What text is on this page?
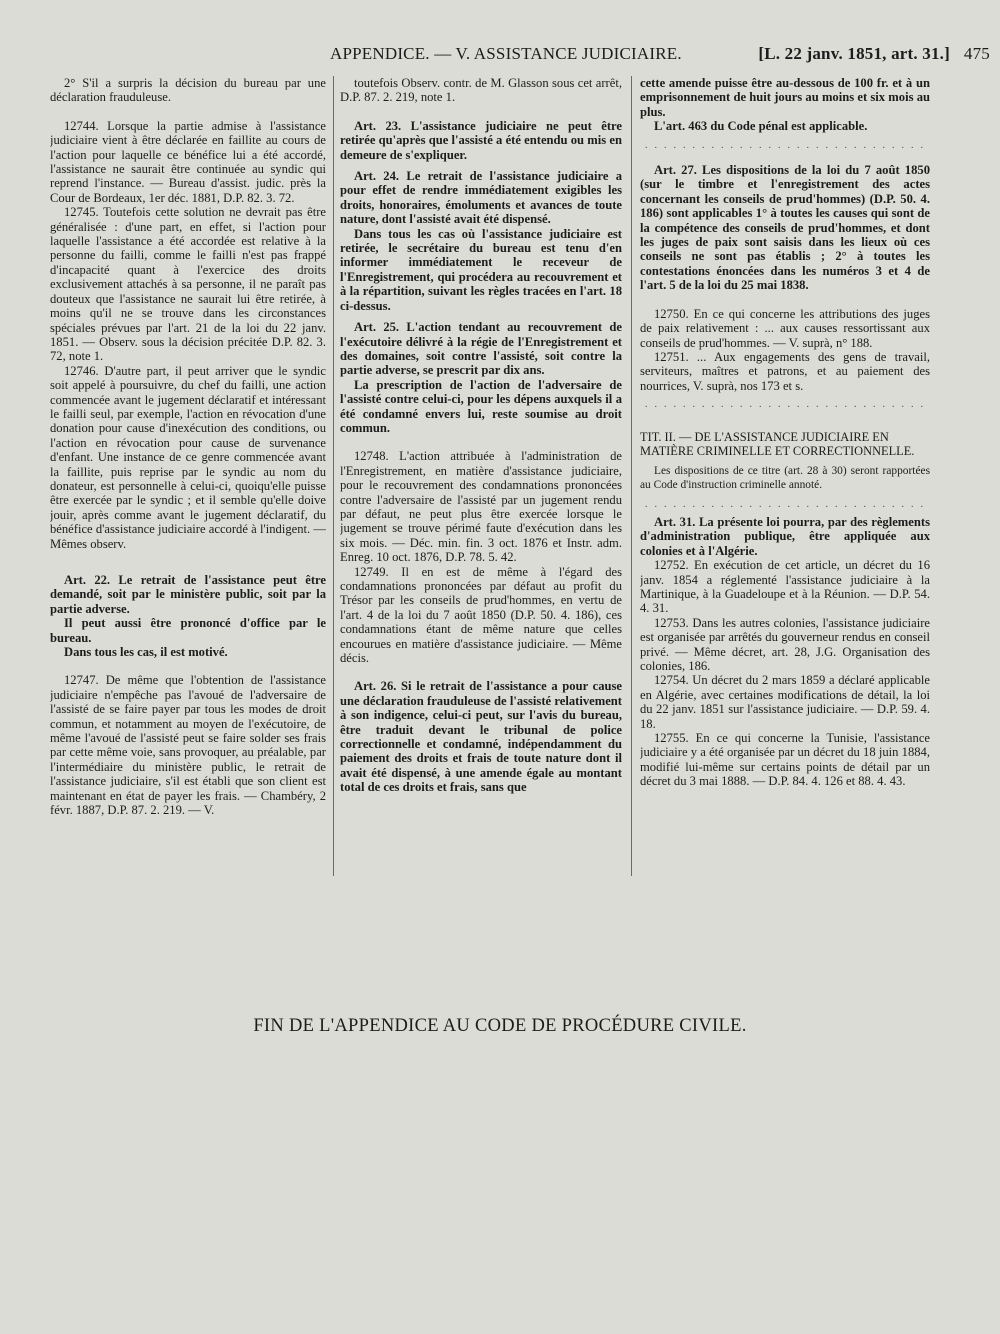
APPENDICE. — V. ASSISTANCE JUDICIAIRE.	[L. 22 janv. 1851, art. 31.] 475

2° S'il a surpris la décision du bureau par une déclaration frauduleuse.

12744. Lorsque la partie admise à l'assistance judiciaire vient à être déclarée en faillite au cours de l'action pour laquelle ce bénéfice lui a été accordé, l'assistance ne saurait être continuée au syndic qui reprend l'instance. — Bureau d'assist. judic. près la Cour de Bordeaux, 1er déc. 1881, D.P. 82. 3. 72.

12745. Toutefois cette solution ne devrait pas être généralisée : d'une part, en effet, si l'action pour laquelle l'assistance a été accordée est relative à la personne du failli, comme le failli n'est pas frappé d'incapacité quant à l'exercice des droits exclusivement attachés à sa personne, il ne paraît pas douteux que l'assistance ne saurait lui être retirée, à moins qu'il ne se trouve dans les circonstances spéciales prévues par l'art. 21 de la loi du 22 janv. 1851. — Observ. sous la décision précitée D.P. 82. 3. 72, note 1.

12746. D'autre part, il peut arriver que le syndic soit appelé à poursuivre, du chef du failli, une action commencée avant le jugement déclaratif et intéressant le failli seul, par exemple, l'action en révocation d'une donation pour cause d'inexécution des conditions, ou l'action en révocation pour cause de survenance d'enfant. Une instance de ce genre commencée avant la faillite, puis reprise par le syndic au nom du donateur, est personnelle à celui-ci, quoiqu'elle puisse être exercée par le syndic ; et il semble qu'elle doive jouir, après comme avant le jugement déclaratif, du bénéfice d'assistance judiciaire accordé à l'indigent. — Mêmes observ.

Art. 22. Le retrait de l'assistance peut être demandé, soit par le ministère public, soit par la partie adverse.

Il peut aussi être prononcé d'office par le bureau.

Dans tous les cas, il est motivé.

12747. De même que l'obtention de l'assistance judiciaire n'empêche pas l'avoué de l'adversaire de l'assisté de se faire payer par tous les modes de droit commun, et notamment au moyen de l'exécutoire, de même l'avoué de l'assisté peut se faire solder ses frais par cette même voie, sans provoquer, au préalable, par l'intermédiaire du ministère public, le retrait de l'assistance judiciaire, s'il est établi que son client est maintenant en état de payer les frais. — Chambéry, 2 févr. 1887, D.P. 87. 2. 219. — V.

toutefois Observ. contr. de M. Glasson sous cet arrêt, D.P. 87. 2. 219, note 1.

Art. 23. L'assistance judiciaire ne peut être retirée qu'après que l'assisté a été entendu ou mis en demeure de s'expliquer.

Art. 24. Le retrait de l'assistance judiciaire a pour effet de rendre immédiatement exigibles les droits, honoraires, émoluments et avances de toute nature, dont l'assisté avait été dispensé.

Dans tous les cas où l'assistance judiciaire est retirée, le secrétaire du bureau est tenu d'en informer immédiatement le receveur de l'Enregistrement, qui procédera au recouvrement et à la répartition, suivant les règles tracées en l'art. 18 ci-dessus.

Art. 25. L'action tendant au recouvrement de l'exécutoire délivré à la régie de l'Enregistrement et des domaines, soit contre l'assisté, soit contre la partie adverse, se prescrit par dix ans.

La prescription de l'action de l'adversaire de l'assisté contre celui-ci, pour les dépens auxquels il a été condamné envers lui, reste soumise au droit commun.

12748. L'action attribuée à l'administration de l'Enregistrement, en matière d'assistance judiciaire, pour le recouvrement des condamnations prononcées contre l'adversaire de l'assisté par un jugement rendu par défaut, ne peut plus être exercée lorsque le jugement se trouve périmé faute d'exécution dans les six mois. — Déc. min. fin. 3 oct. 1876 et Instr. adm. Enreg. 10 oct. 1876, D.P. 78. 5. 42.

12749. Il en est de même à l'égard des condamnations prononcées par défaut au profit du Trésor par les conseils de prud'hommes, en vertu de l'art. 4 de la loi du 7 août 1850 (D.P. 50. 4. 186), ces condamnations étant de même nature que celles encourues en matière d'assistance judiciaire. — Même décis.

Art. 26. Si le retrait de l'assistance a pour cause une déclaration frauduleuse de l'assisté relativement à son indigence, celui-ci peut, sur l'avis du bureau, être traduit devant le tribunal de police correctionnelle et condamné, indépendamment du paiement des droits et frais de toute nature dont il avait été dispensé, à une amende égale au montant total de ces droits et frais, sans que

cette amende puisse être au-dessous de 100 fr. et à un emprisonnement de huit jours au moins et six mois au plus.

L'art. 463 du Code pénal est applicable.

. . . . . . . . . . . . . . . . . . . . . . . . . . . . . .

Art. 27. Les dispositions de la loi du 7 août 1850 (sur le timbre et l'enregistrement des actes concernant les conseils de prud'hommes) (D.P. 50. 4. 186) sont applicables 1° à toutes les causes qui sont de la compétence des conseils de prud'hommes, et dont les juges de paix sont saisis dans les lieux où ces conseils ne sont pas établis ; 2° à toutes les contestations énoncées dans les numéros 3 et 4 de l'art. 5 de la loi du 25 mai 1838.

12750. En ce qui concerne les attributions des juges de paix relativement : ... aux causes ressortissant aux conseils de prud'hommes. — V. suprà, n° 188.

12751. ... Aux engagements des gens de travail, serviteurs, maîtres et patrons, et au paiement des nourrices, V. suprà, nos 173 et s.

. . . . . . . . . . . . . . . . . . . . . . . . . . . . . .

TIT. II. — DE L'ASSISTANCE JUDICIAIRE EN MATIÈRE CRIMINELLE ET CORRECTIONNELLE.

Les dispositions de ce titre (art. 28 à 30) seront rapportées au Code d'instruction criminelle annoté.

. . . . . . . . . . . . . . . . . . . . . . . . . . . . . .

Art. 31. La présente loi pourra, par des règlements d'administration publique, être appliquée aux colonies et à l'Algérie.

12752. En exécution de cet article, un décret du 16 janv. 1854 a réglementé l'assistance judiciaire à la Martinique, à la Guadeloupe et à la Réunion. — D.P. 54. 4. 31.

12753. Dans les autres colonies, l'assistance judiciaire est organisée par arrêtés du gouverneur rendus en conseil privé. — Même décret, art. 28, J.G. Organisation des colonies, 186.

12754. Un décret du 2 mars 1859 a déclaré applicable en Algérie, avec certaines modifications de détail, la loi du 22 janv. 1851 sur l'assistance judiciaire. — D.P. 59. 4. 18.

12755. En ce qui concerne la Tunisie, l'assistance judiciaire y a été organisée par un décret du 18 juin 1884, modifié lui-même sur certains points de détail par un décret du 3 mai 1888. — D.P. 84. 4. 126 et 88. 4. 43.

FIN DE L'APPENDICE AU CODE DE PROCÉDURE CIVILE.
